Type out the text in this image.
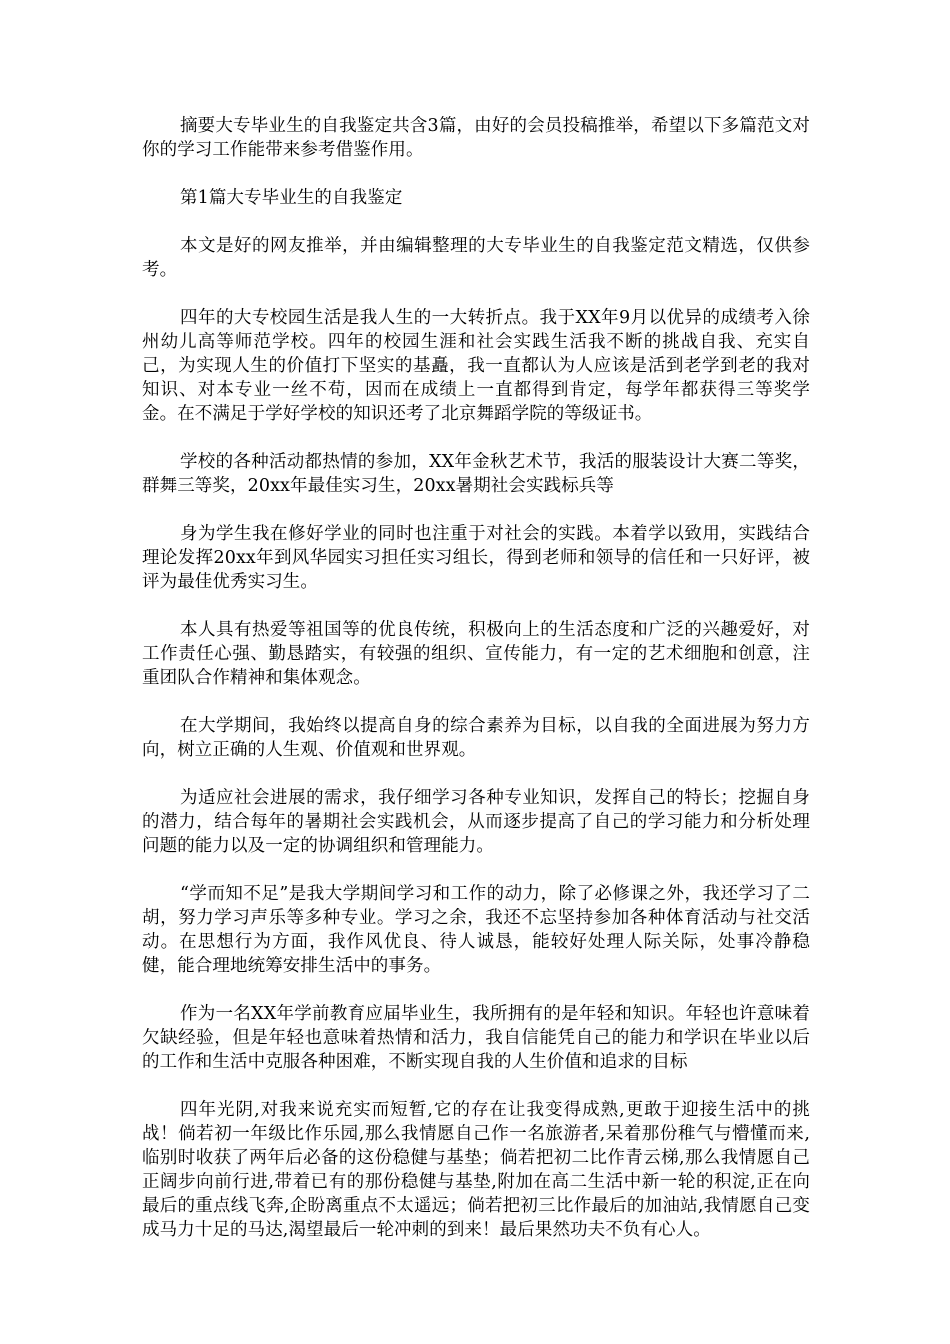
摘要大专毕业生的自我鉴定共含3篇，由好的会员投稿推举，希望以下多篇范文对你的学习工作能带来参考借鉴作用。

第1篇大专毕业生的自我鉴定

本文是好的网友推举，并由编辑整理的大专毕业生的自我鉴定范文精选，仅供参考。

四年的大专校园生活是我人生的一大转折点。我于XX年9月以优异的成绩考入徐州幼儿高等师范学校。四年的校园生涯和社会实践生活我不断的挑战自我、充实自己，为实现人生的价值打下坚实的基矗，我一直都认为人应该是活到老学到老的我对知识、对本专业一丝不苟，因而在成绩上一直都得到肯定，每学年都获得三等奖学金。在不满足于学好学校的知识还考了北京舞蹈学院的等级证书。

学校的各种活动都热情的参加，XX年金秋艺术节，我活的服装设计大赛二等奖，群舞三等奖，20xx年最佳实习生，20xx暑期社会实践标兵等

身为学生我在修好学业的同时也注重于对社会的实践。本着学以致用，实践结合理论发挥20xx年到风华园实习担任实习组长，得到老师和领导的信任和一只好评，被评为最佳优秀实习生。

本人具有热爱等祖国等的优良传统，积极向上的生活态度和广泛的兴趣爱好，对工作责任心强、勤恳踏实，有较强的组织、宣传能力，有一定的艺术细胞和创意，注重团队合作精神和集体观念。

在大学期间，我始终以提高自身的综合素养为目标，以自我的全面进展为努力方向，树立正确的人生观、价值观和世界观。

为适应社会进展的需求，我仔细学习各种专业知识，发挥自己的特长；挖掘自身的潜力，结合每年的暑期社会实践机会，从而逐步提高了自己的学习能力和分析处理问题的能力以及一定的协调组织和管理能力。

“学而知不足”是我大学期间学习和工作的动力，除了必修课之外，我还学习了二胡，努力学习声乐等多种专业。学习之余，我还不忘坚持参加各种体育活动与社交活动。在思想行为方面，我作风优良、待人诚恳，能较好处理人际关际，处事冷静稳健，能合理地统筹安排生活中的事务。

作为一名XX年学前教育应届毕业生，我所拥有的是年轻和知识。年轻也许意味着欠缺经验，但是年轻也意味着热情和活力，我自信能凭自己的能力和学识在毕业以后的工作和生活中克服各种困难，不断实现自我的人生价值和追求的目标

四年光阴,对我来说充实而短暂,它的存在让我变得成熟,更敢于迎接生活中的挑战！倘若初一年级比作乐园,那么我情愿自己作一名旅游者,呆着那份稚气与懵懂而来,临别时收获了两年后必备的这份稳健与基垫；倘若把初二比作青云梯,那么我情愿自己正阔步向前行进,带着已有的那份稳健与基垫,附加在高二生活中新一轮的积淀,正在向最后的重点线飞奔,企盼离重点不太遥远；倘若把初三比作最后的加油站,我情愿自己变成马力十足的马达,渴望最后一轮冲刺的到来！最后果然功夫不负有心人。
